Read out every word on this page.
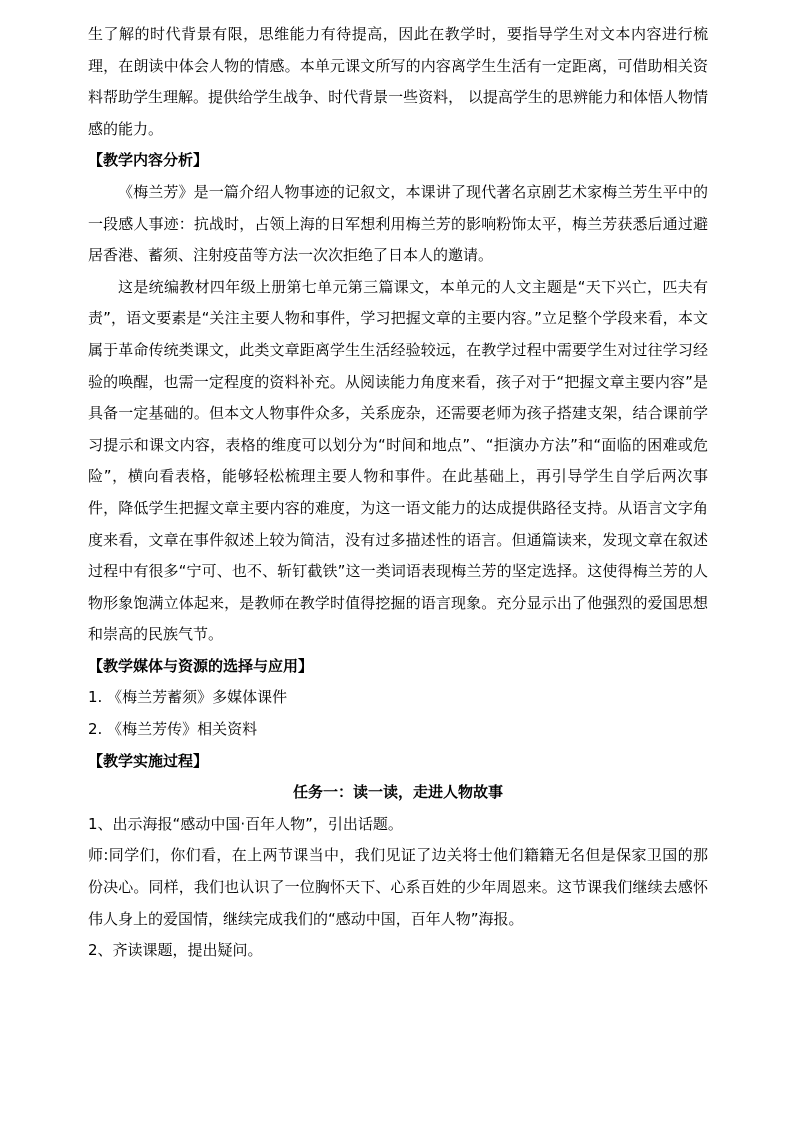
生了解的时代背景有限，思维能力有待提高，因此在教学时，要指导学生对文本内容进行梳理，在朗读中体会人物的情感。本单元课文所写的内容离学生生活有一定距离，可借助相关资料帮助学生理解。提供给学生战争、时代背景一些资料， 以提高学生的思辨能力和体悟人物情感的能力。

【教学内容分析】

《梅兰芳》是一篇介绍人物事迹的记叙文，本课讲了现代著名京剧艺术家梅兰芳生平中的一段感人事迹：抗战时，占领上海的日军想利用梅兰芳的影响粉饰太平，梅兰芳获悉后通过避居香港、蓄须、注射疫苗等方法一次次拒绝了日本人的邀请。

这是统编教材四年级上册第七单元第三篇课文，本单元的人文主题是“天下兴亡，匹夫有责”，语文要素是“关注主要人物和事件，学习把握文章的主要内容。”立足整个学段来看，本文属于革命传统类课文，此类文章距离学生生活经验较远，在教学过程中需要学生对过往学习经验的唤醒，也需一定程度的资料补充。从阅读能力角度来看，孩子对于“把握文章主要内容”是具备一定基础的。但本文人物事件众多，关系庞杂，还需要老师为孩子搭建支架，结合课前学习提示和课文内容，表格的维度可以划分为“时间和地点”、“拒演办方法”和“面临的困难或危险”，横向看表格，能够轻松梳理主要人物和事件。在此基础上，再引导学生自学后两次事件，降低学生把握文章主要内容的难度，为这一语文能力的达成提供路径支持。从语言文字角度来看，文章在事件叙述上较为简洁，没有过多描述性的语言。但通篇读来，发现文章在叙述过程中有很多“宁可、也不、斩钉截铁”这一类词语表现梅兰芳的坚定选择。这使得梅兰芳的人物形象饱满立体起来，是教师在教学时值得挖掘的语言现象。充分显示出了他强烈的爱国思想和崇高的民族气节。

【教学媒体与资源的选择与应用】

1. 《梅兰芳蓄须》多媒体课件

2. 《梅兰芳传》相关资料

【教学实施过程】

任务一：读一读，走进人物故事

1、出示海报“感动中国·百年人物”，引出话题。

师:同学们，你们看，在上两节课当中，我们见证了边关将士他们籍籍无名但是保家卫国的那份决心。同样，我们也认识了一位胸怀天下、心系百姓的少年周恩来。这节课我们继续去感怀伟人身上的爱国情，继续完成我们的“感动中国，百年人物”海报。

2、齐读课题，提出疑问。
